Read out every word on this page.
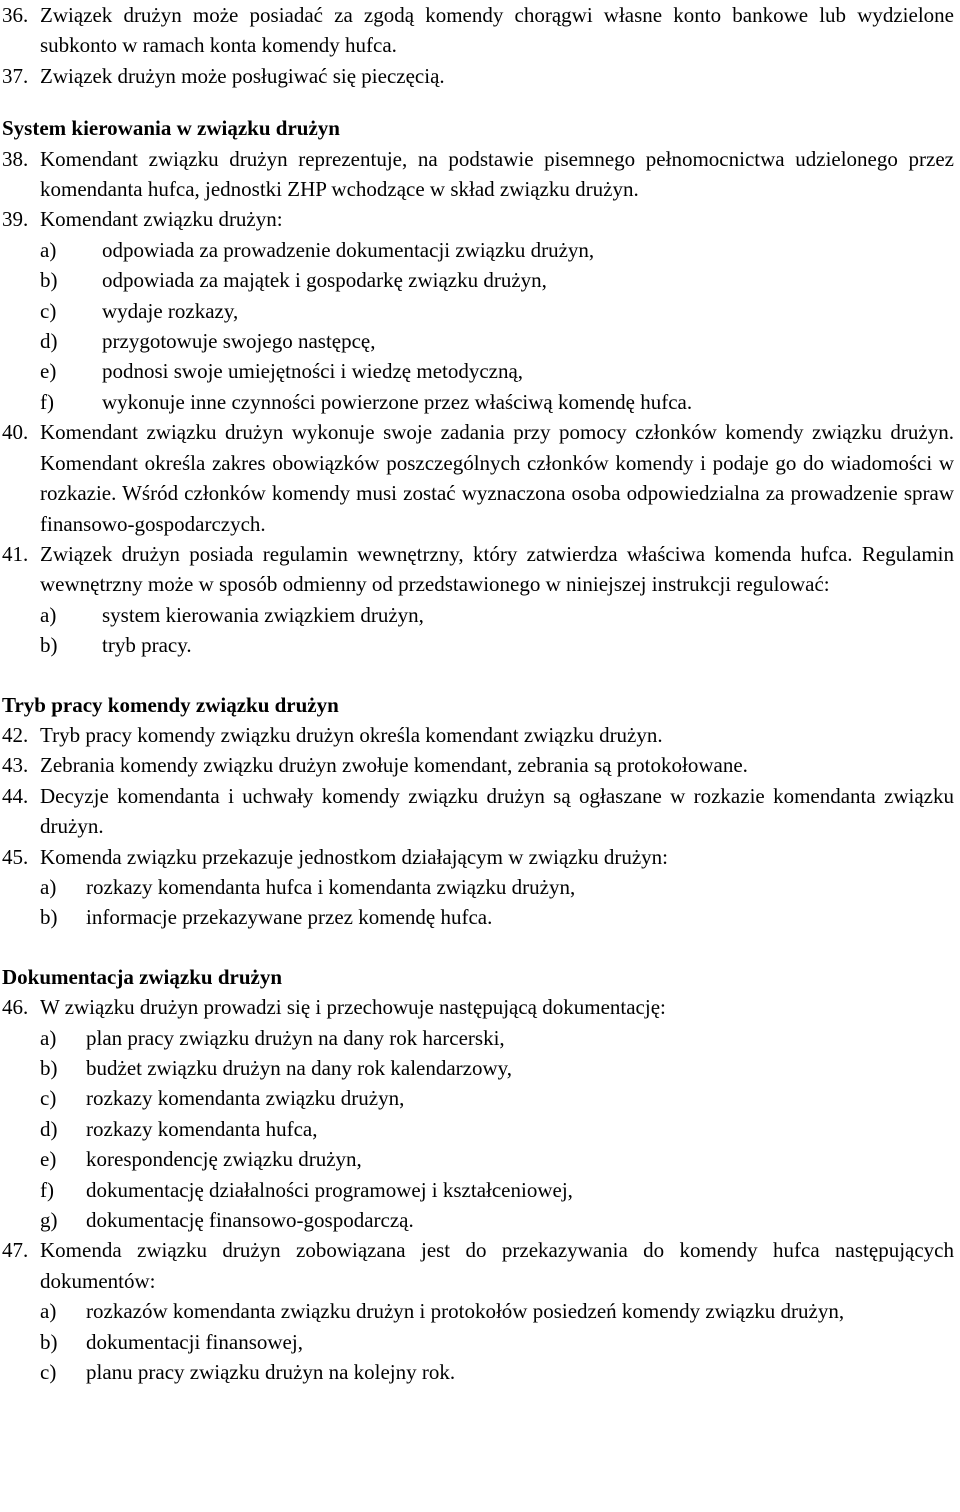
36. Związek drużyn może posiadać za zgodą komendy chorągwi własne konto bankowe lub wydzielone subkonto w ramach konta komendy hufca.
37. Związek drużyn może posługiwać się pieczęcią.

System kierowania w związku drużyn

38. Komendant związku drużyn reprezentuje, na podstawie pisemnego pełnomocnictwa udzielonego przez komendanta hufca, jednostki ZHP wchodzące w skład związku drużyn.
39. Komendant związku drużyn:
a)	odpowiada za prowadzenie dokumentacji związku drużyn,
b)	odpowiada za majątek i gospodarkę związku drużyn,
c)	wydaje rozkazy,
d)	przygotowuje swojego następcę,
e)	podnosi swoje umiejętności i wiedzę metodyczną,
f)	wykonuje inne czynności powierzone przez właściwą komendę hufca.
40. Komendant związku drużyn wykonuje swoje zadania przy pomocy członków komendy związku drużyn. Komendant określa zakres obowiązków poszczególnych członków komendy i podaje go do wiadomości w rozkazie. Wśród członków komendy musi zostać wyznaczona osoba odpowiedzialna za prowadzenie spraw finansowo-gospodarczych.
41. Związek drużyn posiada regulamin wewnętrzny, który zatwierdza właściwa komenda hufca. Regulamin wewnętrzny może w sposób odmienny od przedstawionego w niniejszej instrukcji regulować:
a)	system kierowania związkiem drużyn,
b)	tryb pracy.

Tryb pracy komendy związku drużyn

42. Tryb pracy komendy związku drużyn określa komendant związku drużyn.
43. Zebrania komendy związku drużyn zwołuje komendant, zebrania są protokołowane.
44. Decyzje komendanta i uchwały komendy związku drużyn są ogłaszane w rozkazie komendanta związku drużyn.
45. Komenda związku przekazuje jednostkom działającym w związku drużyn:
a)	rozkazy komendanta hufca i komendanta związku drużyn,
b)	informacje przekazywane przez komendę hufca.

Dokumentacja związku drużyn

46. W związku drużyn prowadzi się i przechowuje następującą dokumentację:
a)	plan pracy związku drużyn na dany rok harcerski,
b)	budżet związku drużyn na dany rok kalendarzowy,
c)	rozkazy komendanta związku drużyn,
d)	rozkazy komendanta hufca,
e)	korespondencję związku drużyn,
f)	dokumentację działalności programowej i kształceniowej,
g)	dokumentację finansowo-gospodarczą.
47. Komenda związku drużyn zobowiązana jest do przekazywania do komendy hufca następujących dokumentów:
a)	rozkazów komendanta związku drużyn i protokołów posiedzeń komendy związku drużyn,
b)	dokumentacji finansowej,
c)	planu pracy związku drużyn na kolejny rok.
